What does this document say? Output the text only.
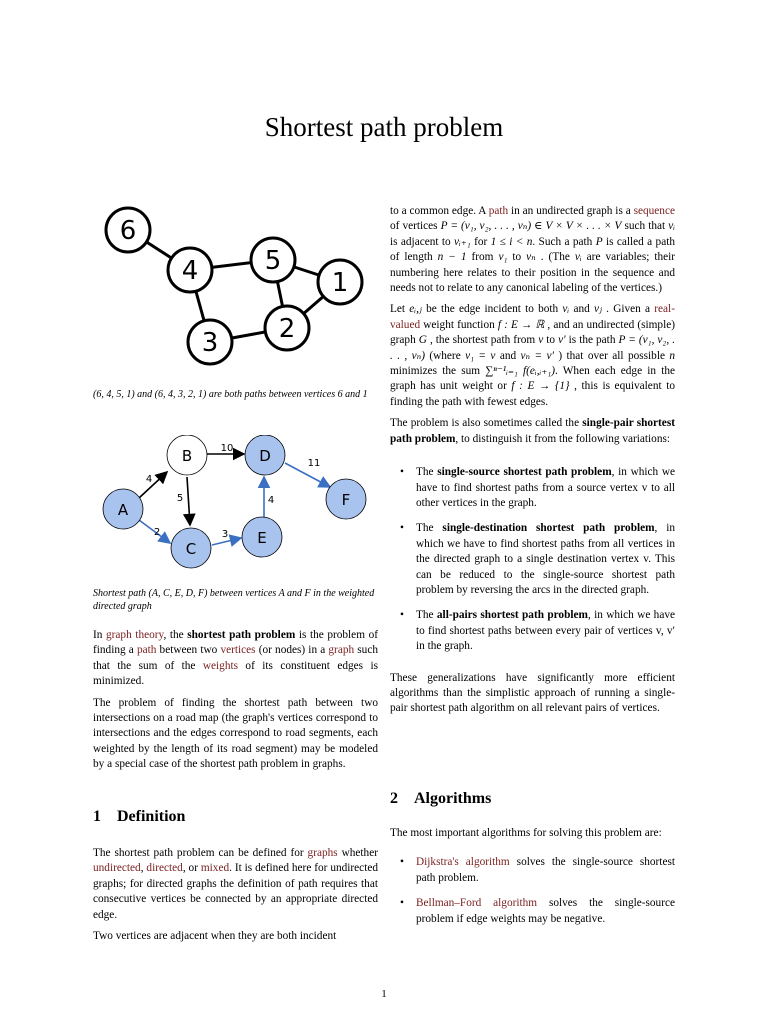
Shortest path problem
6
4	5
1
3 2
(6, 4, 5, 1) and (6, 4, 3, 2, 1) are both paths between vertices 6 and 1
A
B
C
D
E
F
4
10
11
5
2	3
4
Shortest path (A, C, E, D, F) between vertices A and F in the weighted directed graph

In graph theory, the shortest path problem is the problem of finding a path between two vertices (or nodes) in a graph such that the sum of the weights of its constituent edges is minimized.

The problem of finding the shortest path between two intersections on a road map (the graph's vertices correspond to intersections and the edges correspond to road segments, each weighted by the length of its road segment) may be modeled by a special case of the shortest path problem in graphs.

1 Definition

The shortest path problem can be defined for graphs whether undirected, directed, or mixed. It is defined here for undirected graphs; for directed graphs the definition of path requires that consecutive vertices be connected by an appropriate directed edge.

Two vertices are adjacent when they are both incident

to a common edge. A path in an undirected graph is a sequence of vertices P = (v₁, v₂, . . . , vₙ) ∈ V × V × . . . × V such that vᵢ is adjacent to vᵢ₊₁ for 1 ≤ i < n. Such a path P is called a path of length n − 1 from v₁ to vₙ . (The vᵢ are variables; their numbering here relates to their position in the sequence and needs not to relate to any canonical labeling of the vertices.)

Let eᵢ,ⱼ be the edge incident to both vᵢ and vⱼ . Given a real-valued weight function f : E → ℝ , and an undirected (simple) graph G , the shortest path from v to v′ is the path P = (v₁, v₂, . . . , vₙ) (where v₁ = v and vₙ = v′ ) that over all possible n minimizes the sum ∑ⁿ⁻¹ᵢ₌₁ f(eᵢ,ᵢ₊₁). When each edge in the graph has unit weight or f : E → {1} , this is equivalent to finding the path with fewest edges.

The problem is also sometimes called the single-pair shortest path problem, to distinguish it from the following variations:

• The single-source shortest path problem, in which we have to find shortest paths from a source vertex v to all other vertices in the graph.
• The single-destination shortest path problem, in which we have to find shortest paths from all vertices in the directed graph to a single destination vertex v. This can be reduced to the single-source shortest path problem by reversing the arcs in the directed graph.
• The all-pairs shortest path problem, in which we have to find shortest paths between every pair of vertices v, v′ in the graph.

These generalizations have significantly more efficient algorithms than the simplistic approach of running a single-pair shortest path algorithm on all relevant pairs of vertices.

2 Algorithms

The most important algorithms for solving this problem are:

• Dijkstra's algorithm solves the single-source shortest path problem.
• Bellman–Ford algorithm solves the single-source problem if edge weights may be negative.
1
